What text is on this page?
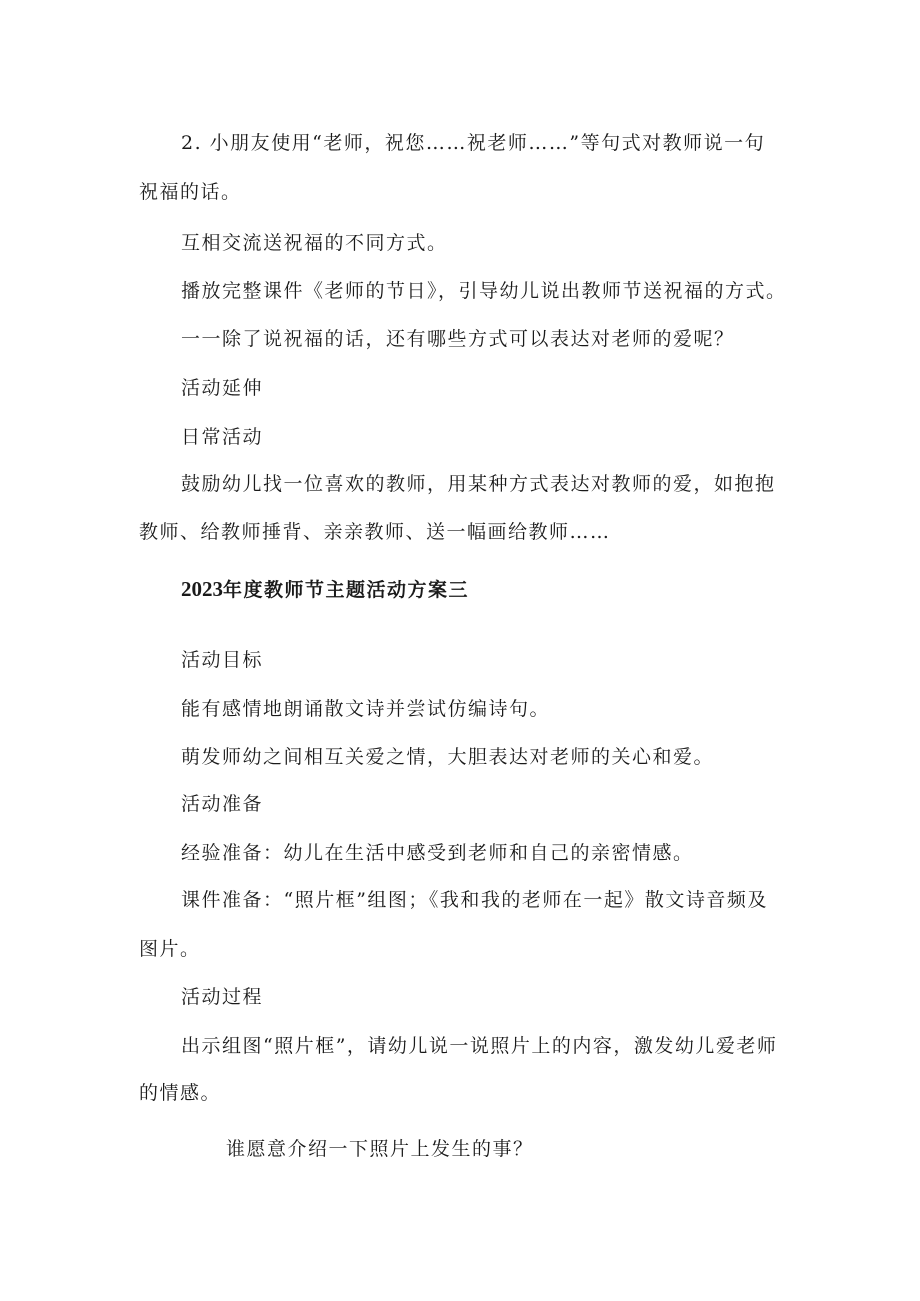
2. 小朋友使用“老师，祝您……祝老师……”等句式对教师说一句
祝福的话。
互相交流送祝福的不同方式。
播放完整课件《老师的节日》，引导幼儿说出教师节送祝福的方式。
一一除了说祝福的话，还有哪些方式可以表达对老师的爱呢？
活动延伸
日常活动
鼓励幼儿找一位喜欢的教师，用某种方式表达对教师的爱，如抱抱
教师、给教师捶背、亲亲教师、送一幅画给教师……
2023年度教师节主题活动方案三
活动目标
能有感情地朗诵散文诗并尝试仿编诗句。
萌发师幼之间相互关爱之情，大胆表达对老师的关心和爱。
活动准备
经验准备：幼儿在生活中感受到老师和自己的亲密情感。
课件准备：“照片框”组图；《我和我的老师在一起》散文诗音频及
图片。
活动过程
出示组图“照片框”，请幼儿说一说照片上的内容，激发幼儿爱老师
的情感。
谁愿意介绍一下照片上发生的事？
